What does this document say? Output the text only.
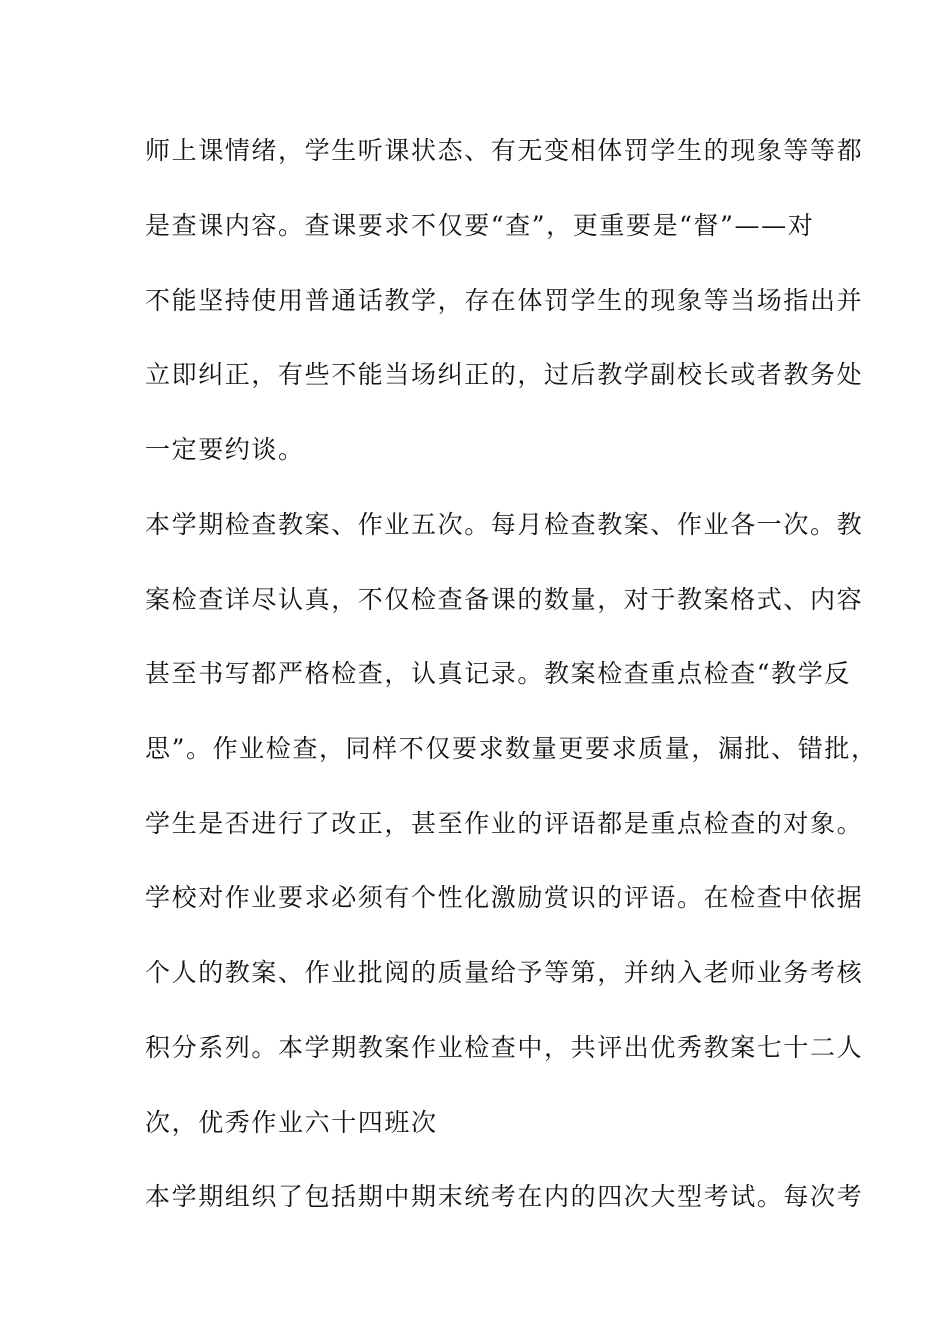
师上课情绪，学生听课状态、有无变相体罚学生的现象等等都
是查课内容。查课要求不仅要“查”，更重要是“督”——对
不能坚持使用普通话教学，存在体罚学生的现象等当场指出并
立即纠正，有些不能当场纠正的，过后教学副校长或者教务处
一定要约谈。
本学期检查教案、作业五次。每月检查教案、作业各一次。教
案检查详尽认真，不仅检查备课的数量，对于教案格式、内容
甚至书写都严格检查，认真记录。教案检查重点检查“教学反
思”。作业检查，同样不仅要求数量更要求质量，漏批、错批，
学生是否进行了改正，甚至作业的评语都是重点检查的对象。
学校对作业要求必须有个性化激励赏识的评语。在检查中依据
个人的教案、作业批阅的质量给予等第，并纳入老师业务考核
积分系列。本学期教案作业检查中，共评出优秀教案七十二人
次，优秀作业六十四班次
本学期组织了包括期中期末统考在内的四次大型考试。每次考
